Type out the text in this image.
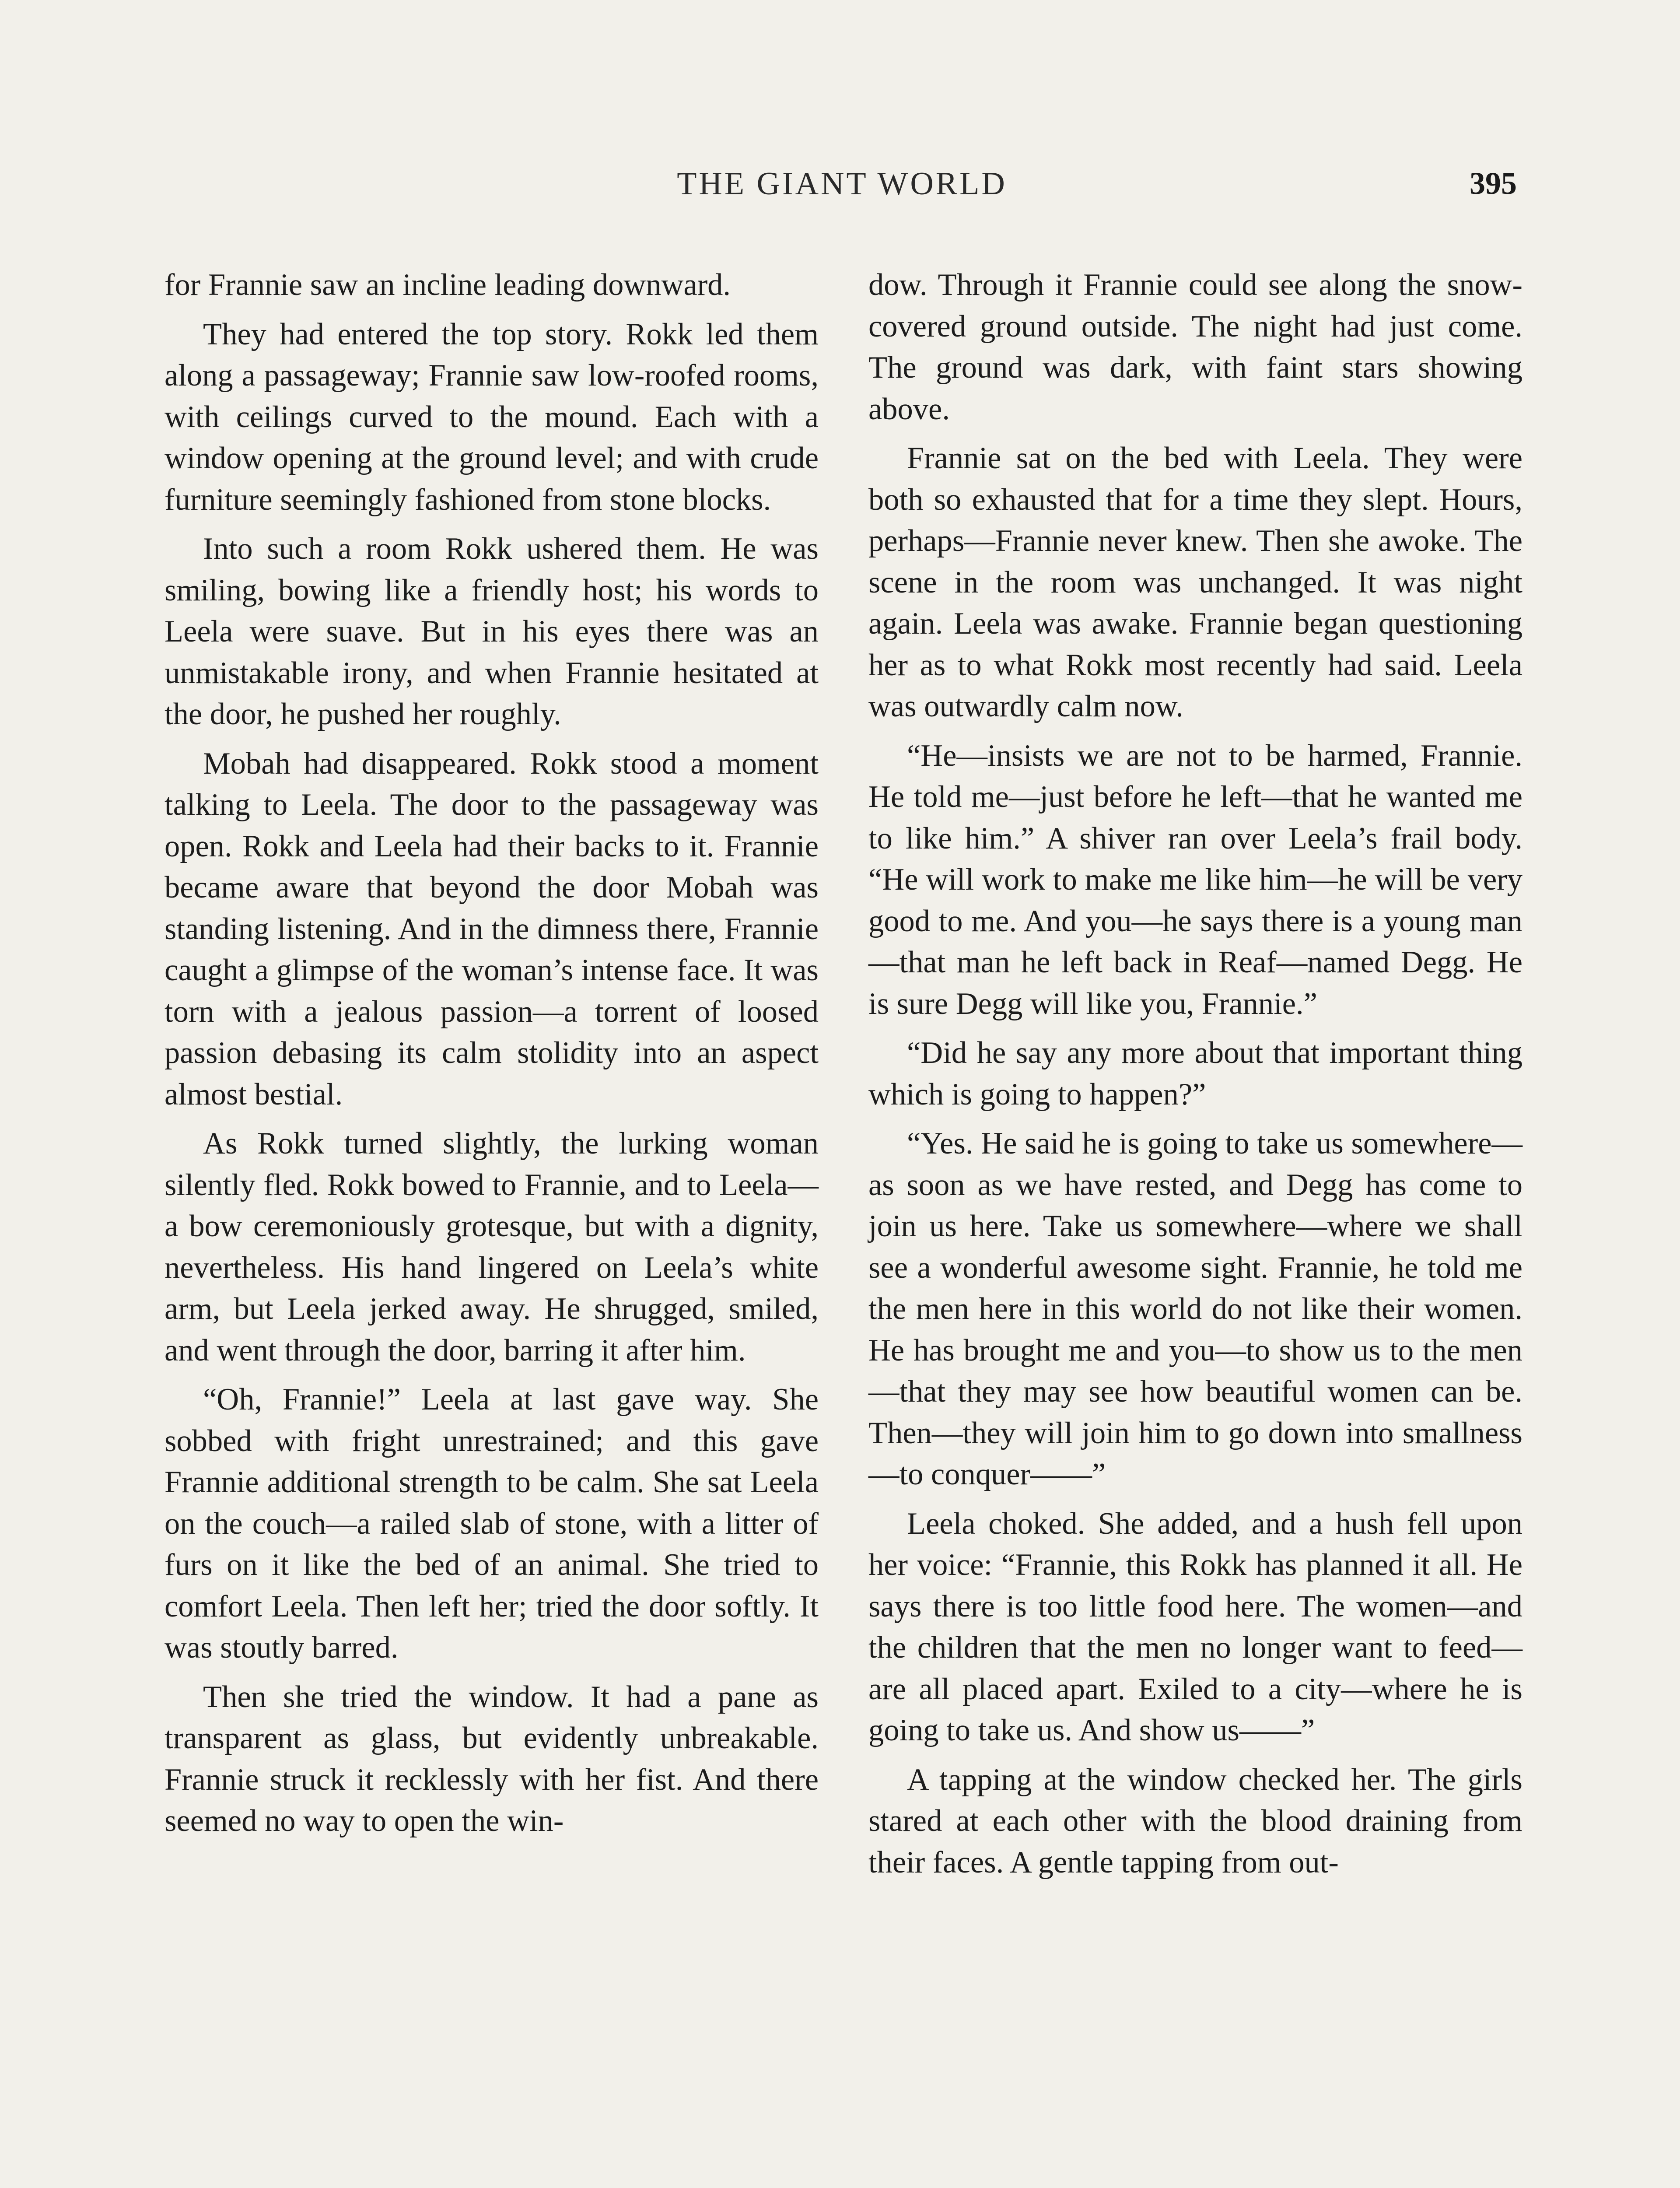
THE GIANT WORLD	395

for Frannie saw an incline leading downward.

They had entered the top story. Rokk led them along a passageway; Frannie saw low-roofed rooms, with ceilings curved to the mound. Each with a window opening at the ground level; and with crude furniture seemingly fashioned from stone blocks.

Into such a room Rokk ushered them. He was smiling, bowing like a friendly host; his words to Leela were suave. But in his eyes there was an unmistakable irony, and when Frannie hesitated at the door, he pushed her roughly.

Mobah had disappeared. Rokk stood a moment talking to Leela. The door to the passageway was open. Rokk and Leela had their backs to it. Frannie became aware that beyond the door Mobah was standing listening. And in the dimness there, Frannie caught a glimpse of the woman’s intense face. It was torn with a jealous passion—a torrent of loosed passion debasing its calm stolidity into an aspect almost bestial.

As Rokk turned slightly, the lurking woman silently fled. Rokk bowed to Frannie, and to Leela—a bow ceremoniously grotesque, but with a dignity, nevertheless. His hand lingered on Leela’s white arm, but Leela jerked away. He shrugged, smiled, and went through the door, barring it after him.

“Oh, Frannie!” Leela at last gave way. She sobbed with fright unrestrained; and this gave Frannie additional strength to be calm. She sat Leela on the couch—a railed slab of stone, with a litter of furs on it like the bed of an animal. She tried to comfort Leela. Then left her; tried the door softly. It was stoutly barred.

Then she tried the window. It had a pane as transparent as glass, but evidently unbreakable. Frannie struck it recklessly with her fist. And there seemed no way to open the win-

dow. Through it Frannie could see along the snow-covered ground outside. The night had just come. The ground was dark, with faint stars showing above.

Frannie sat on the bed with Leela. They were both so exhausted that for a time they slept. Hours, perhaps—Frannie never knew. Then she awoke. The scene in the room was unchanged. It was night again. Leela was awake. Frannie began questioning her as to what Rokk most recently had said. Leela was outwardly calm now.

“He—insists we are not to be harmed, Frannie. He told me—just before he left—that he wanted me to like him.” A shiver ran over Leela’s frail body. “He will work to make me like him—he will be very good to me. And you—he says there is a young man—that man he left back in Reaf—named Degg. He is sure Degg will like you, Frannie.”

“Did he say any more about that important thing which is going to happen?”

“Yes. He said he is going to take us somewhere—as soon as we have rested, and Degg has come to join us here. Take us somewhere—where we shall see a wonderful awesome sight. Frannie, he told me the men here in this world do not like their women. He has brought me and you—to show us to the men—that they may see how beautiful women can be. Then—they will join him to go down into smallness—to conquer——”

Leela choked. She added, and a hush fell upon her voice: “Frannie, this Rokk has planned it all. He says there is too little food here. The women—and the children that the men no longer want to feed—are all placed apart. Exiled to a city—where he is going to take us. And show us——”

A tapping at the window checked her. The girls stared at each other with the blood draining from their faces. A gentle tapping from out-
